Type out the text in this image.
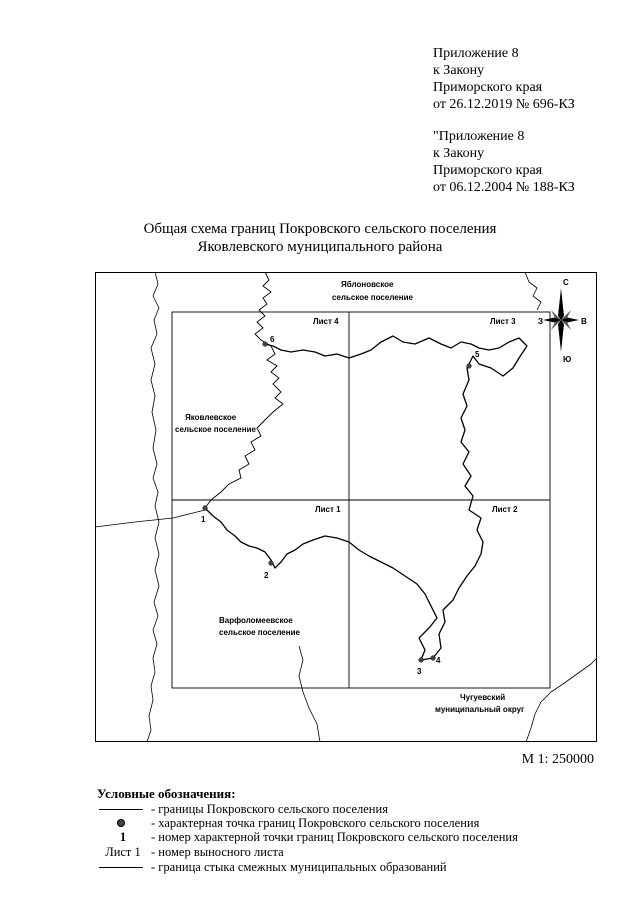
Приложение 8
к Закону
Приморского края
от 26.12.2019 № 696-КЗ
"Приложение 8
к Закону
Приморского края
от 06.12.2004 № 188-КЗ
Общая схема границ Покровского сельского поселения
Яковлевского муниципального района
1
2
3
4
5
6
Лист 4	Лист 3
Лист 1	Лист 2
Яблоновское
сельское поселение
Яковлевское
сельское поселение
Варфоломеевское
сельское поселение
Чугуевский
муниципальный округ
С
Ю
З	В
М 1: 250000
Условные обозначения:
- границы Покровского сельского поселения
- характерная точка границ Покровского сельского поселения
1	- номер характерной точки границ Покровского сельского поселения
Лист 1 - номер выносного листа
- граница стыка смежных муниципальных образований
